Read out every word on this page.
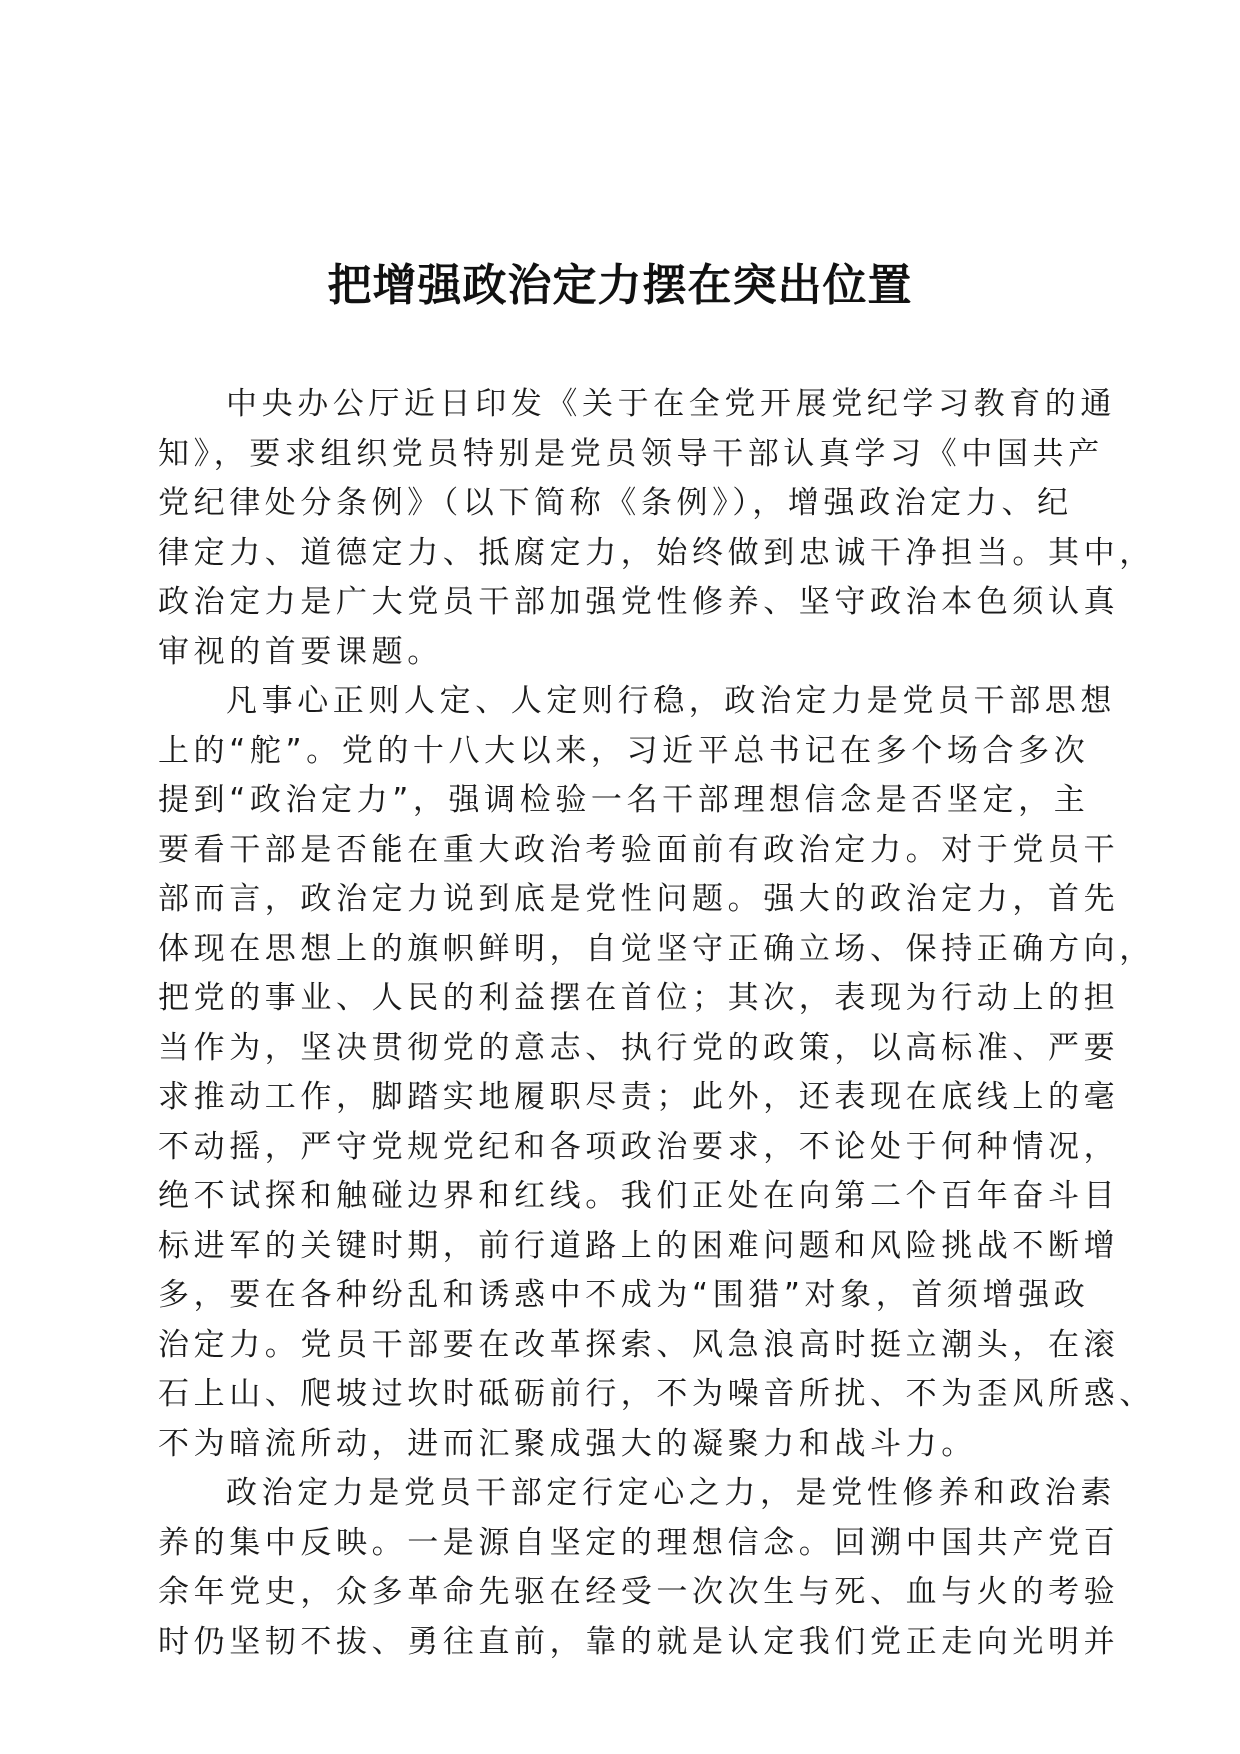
把增强政治定力摆在突出位置
中央办公厅近日印发《关于在全党开展党纪学习教育的通
知》，要求组织党员特别是党员领导干部认真学习《中国共产
党纪律处分条例》（以下简称《条例》），增强政治定力、纪
律定力、道德定力、抵腐定力，始终做到忠诚干净担当。其中，
政治定力是广大党员干部加强党性修养、坚守政治本色须认真
审视的首要课题。
凡事心正则人定、人定则行稳，政治定力是党员干部思想
上的“舵”。党的十八大以来，习近平总书记在多个场合多次
提到“政治定力”，强调检验一名干部理想信念是否坚定，主
要看干部是否能在重大政治考验面前有政治定力。对于党员干
部而言，政治定力说到底是党性问题。强大的政治定力，首先
体现在思想上的旗帜鲜明，自觉坚守正确立场、保持正确方向，
把党的事业、人民的利益摆在首位；其次，表现为行动上的担
当作为，坚决贯彻党的意志、执行党的政策，以高标准、严要
求推动工作，脚踏实地履职尽责；此外，还表现在底线上的毫
不动摇，严守党规党纪和各项政治要求，不论处于何种情况，
绝不试探和触碰边界和红线。我们正处在向第二个百年奋斗目
标进军的关键时期，前行道路上的困难问题和风险挑战不断增
多，要在各种纷乱和诱惑中不成为“围猎”对象，首须增强政
治定力。党员干部要在改革探索、风急浪高时挺立潮头，在滚
石上山、爬坡过坎时砥砺前行，不为噪音所扰、不为歪风所惑、
不为暗流所动，进而汇聚成强大的凝聚力和战斗力。
政治定力是党员干部定行定心之力，是党性修养和政治素
养的集中反映。一是源自坚定的理想信念。回溯中国共产党百
余年党史，众多革命先驱在经受一次次生与死、血与火的考验
时仍坚韧不拔、勇往直前，靠的就是认定我们党正走向光明并
